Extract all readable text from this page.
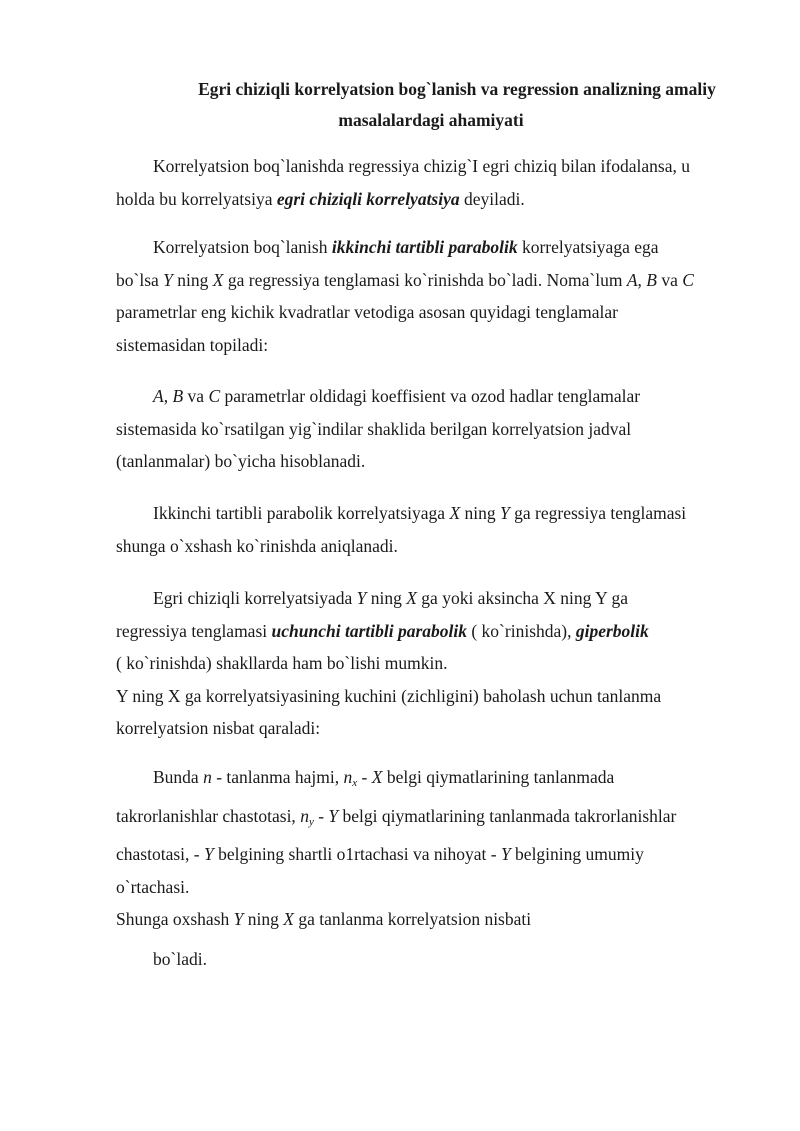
Egri chiziqli korrelyatsion bog`lanish va regression analizning amaliy
masalalardagi ahamiyati
Korrelyatsion boq`lanishda regressiya chizig`I egri chiziq bilan ifodalansa, u
holda bu korrelyatsiya egri chiziqli korrelyatsiya deyiladi.
Korrelyatsion boq`lanish ikkinchi tartibli parabolik korrelyatsiyaga ega
bo`lsa Y ning X ga regressiya tenglamasi ko`rinishda bo`ladi. Noma`lum A, B va C
parametrlar eng kichik kvadratlar vetodiga asosan quyidagi tenglamalar
sistemasidan topiladi:
A, B va C parametrlar oldidagi koeffisient va ozod hadlar tenglamalar
sistemasida ko`rsatilgan yig`indilar shaklida berilgan korrelyatsion jadval
(tanlanmalar) bo`yicha hisoblanadi.
Ikkinchi tartibli parabolik korrelyatsiyaga X ning Y ga regressiya tenglamasi
shunga o`xshash ko`rinishda aniqlanadi.
Egri chiziqli korrelyatsiyada Y ning X ga yoki aksincha X ning Y ga
regressiya tenglamasi uchunchi tartibli parabolik ( ko`rinishda), giperbolik
( ko`rinishda) shakllarda ham bo`lishi mumkin.
Y ning X ga korrelyatsiyasining kuchini (zichligini) baholash uchun tanlanma
korrelyatsion nisbat qaraladi:
Bunda n - tanlanma hajmi, $n_x$ - X belgi qiymatlarining tanlanmada
takrorlanishlar chastotasi, $n_y$ - Y belgi qiymatlarining tanlanmada takrorlanishlar
chastotasi, - Y belgining shartli o1rtachasi va nihoyat - Y belgining umumiy
o`rtachasi.
Shunga oxshash Y ning X ga tanlanma korrelyatsion nisbati
bo`ladi.
